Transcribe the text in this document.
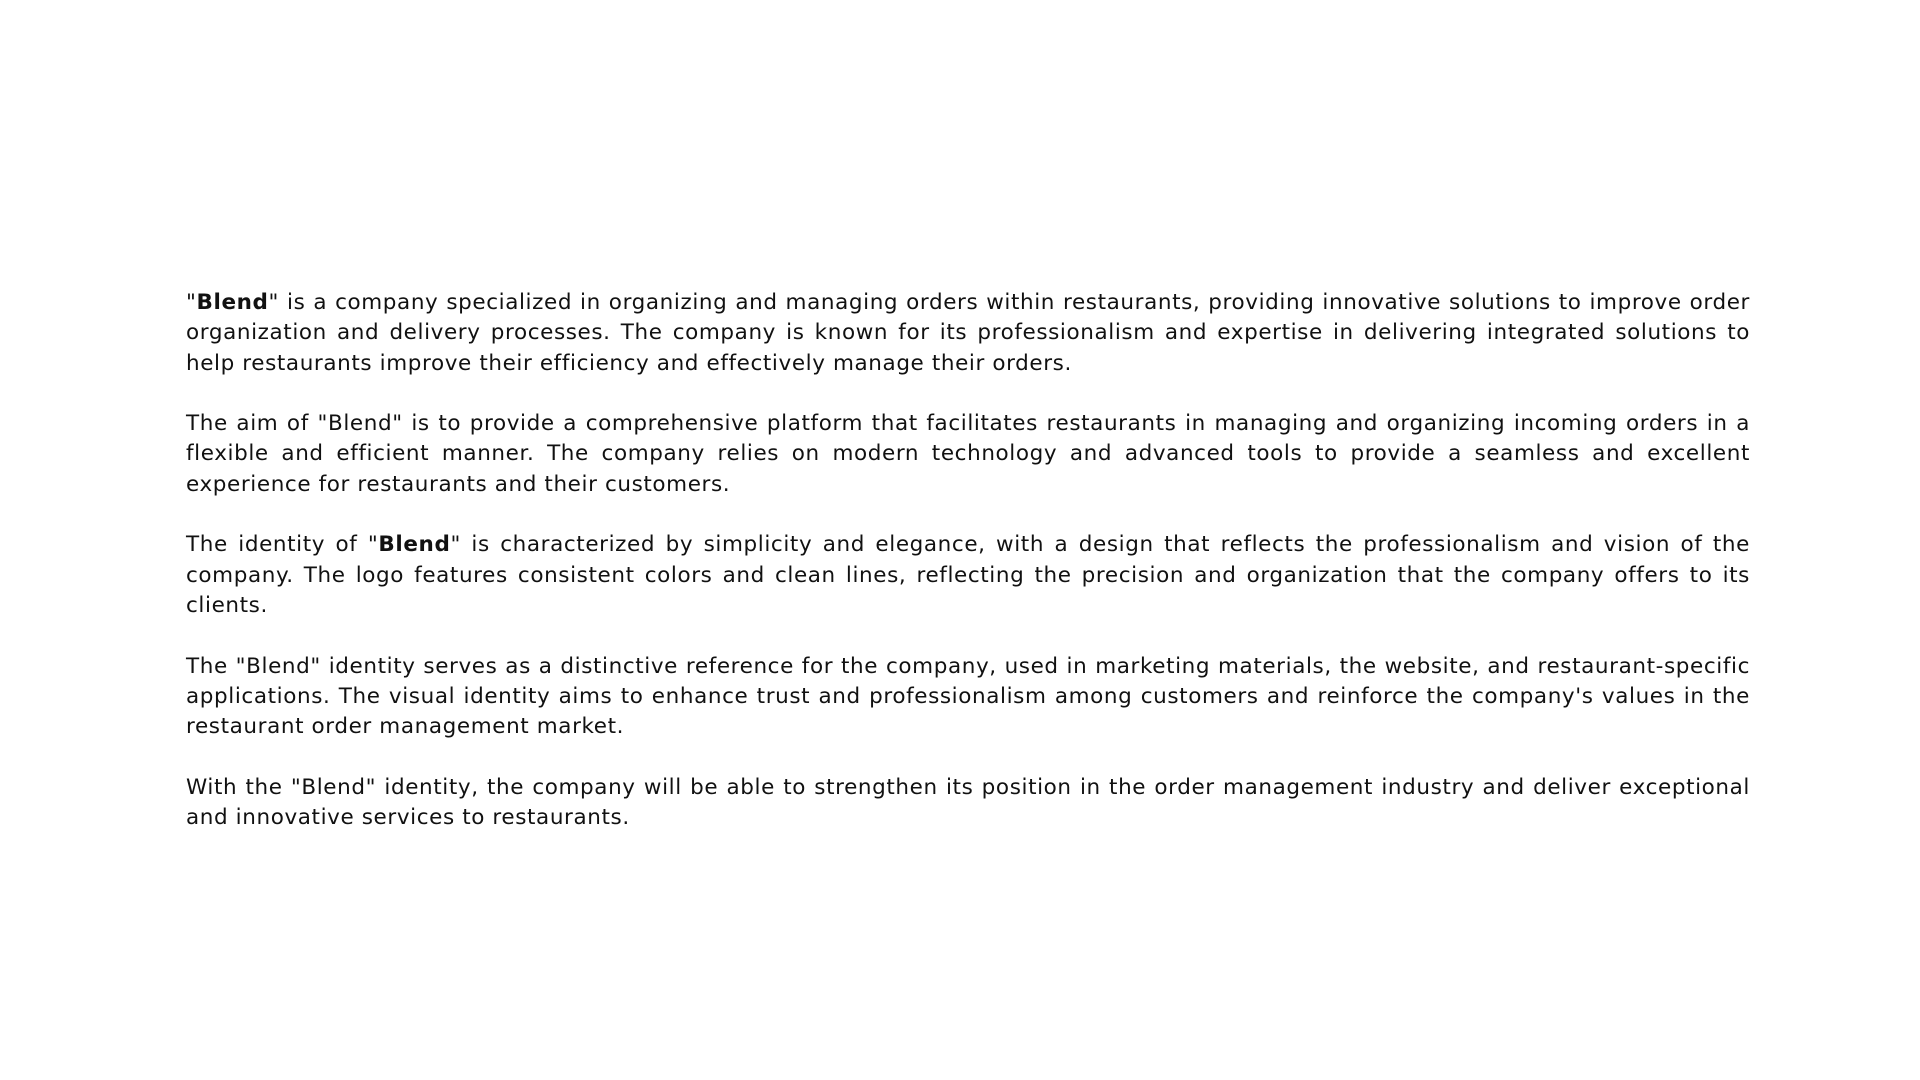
"Blend" is a company specialized in organizing and managing orders within restaurants, providing innovative solutions to improve order organization and delivery processes. The company is known for its professionalism and expertise in delivering integrated solutions to help restaurants improve their efficiency and effectively manage their orders.

The aim of "Blend" is to provide a comprehensive platform that facilitates restaurants in managing and organizing incoming orders in a flexible and efficient manner. The company relies on modern technology and advanced tools to provide a seamless and excellent experience for restaurants and their customers.

The identity of "Blend" is characterized by simplicity and elegance, with a design that reflects the professionalism and vision of the company. The logo features consistent colors and clean lines, reflecting the precision and organization that the company offers to its clients.

The "Blend" identity serves as a distinctive reference for the company, used in marketing materials, the website, and restaurant-specific applications. The visual identity aims to enhance trust and professionalism among customers and reinforce the company's values in the restaurant order management market.

With the "Blend" identity, the company will be able to strengthen its position in the order management industry and deliver exceptional and innovative services to restaurants.
